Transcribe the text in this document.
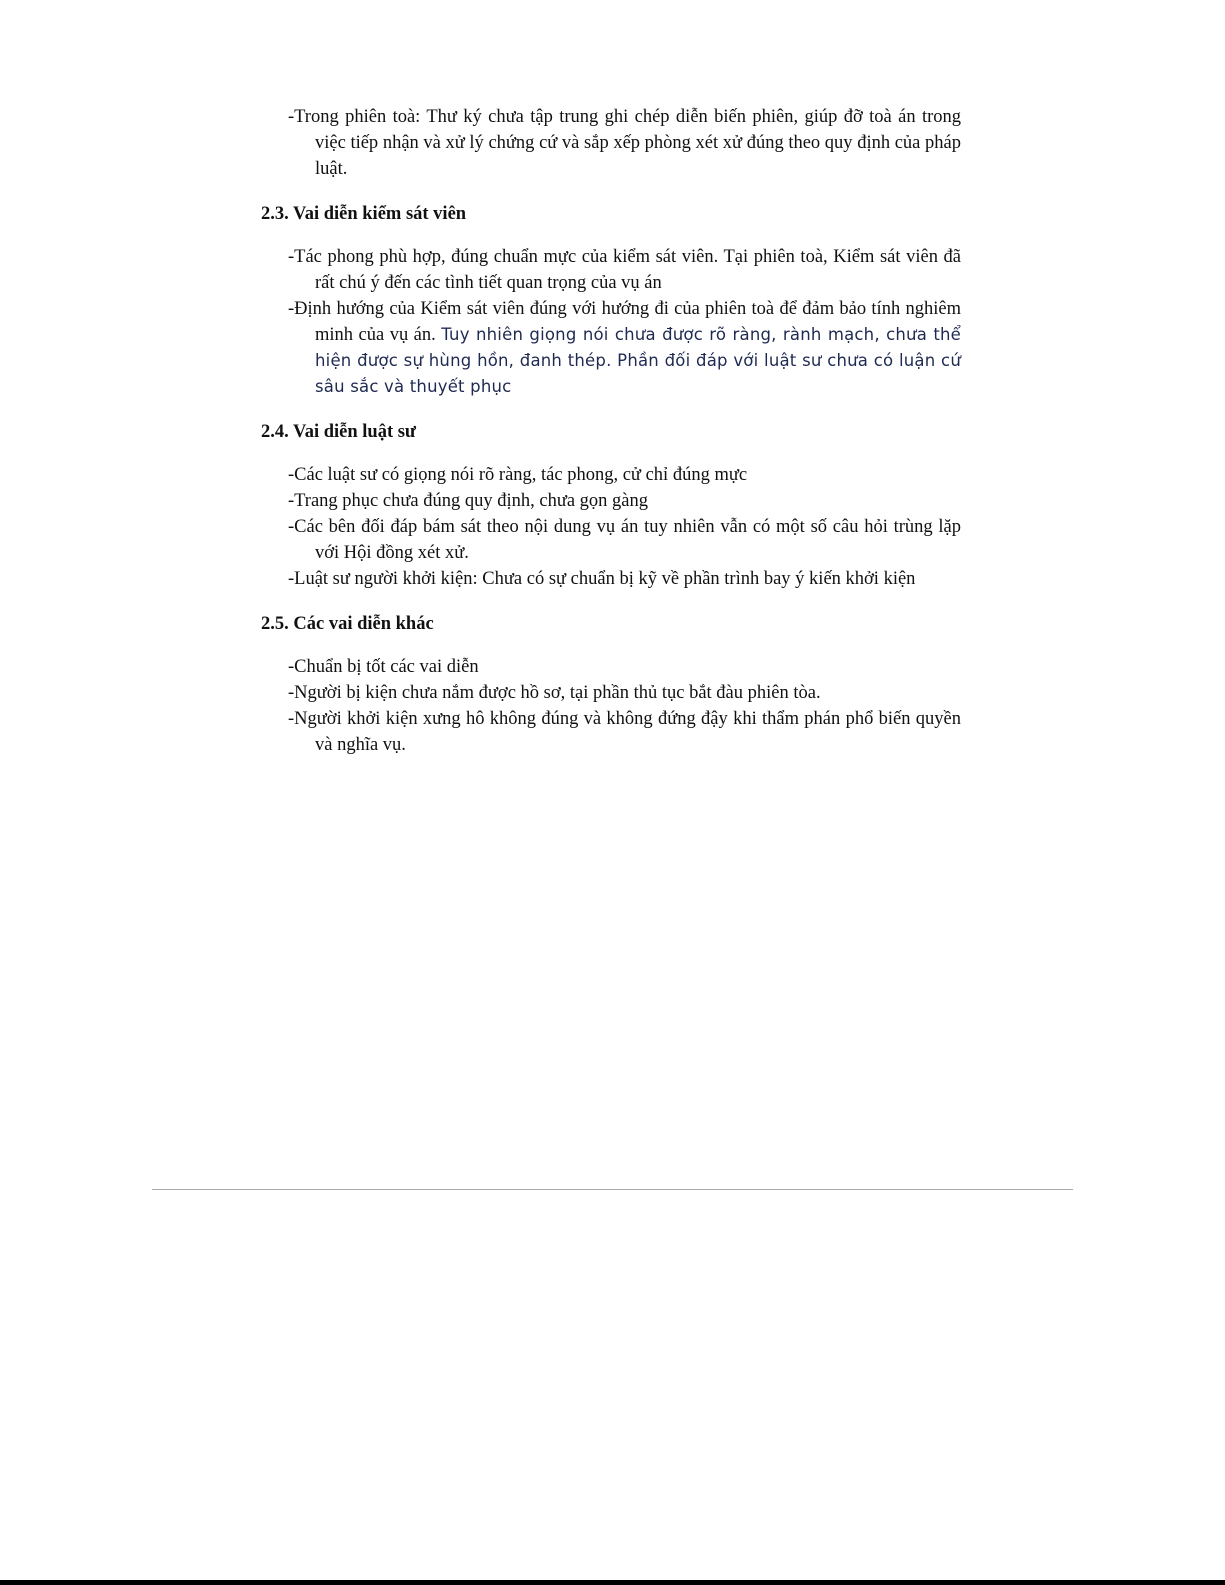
-Trong phiên toà: Thư ký chưa tập trung ghi chép diễn biến phiên, giúp đỡ toà án trong việc tiếp nhận và xử lý chứng cứ và sắp xếp phòng xét xử đúng theo quy định của pháp luật.

2.3. Vai diễn kiểm sát viên

-Tác phong phù hợp, đúng chuẩn mực của kiểm sát viên. Tại phiên toà, Kiểm sát viên đã rất chú ý đến các tình tiết quan trọng của vụ án

-Định hướng của Kiểm sát viên đúng với hướng đi của phiên toà để đảm bảo tính nghiêm minh của vụ án. Tuy nhiên giọng nói chưa được rõ ràng, rành mạch, chưa thể hiện được sự hùng hồn, đanh thép. Phần đối đáp với luật sư chưa có luận cứ sâu sắc và thuyết phục

2.4. Vai diễn luật sư

-Các luật sư có giọng nói rõ ràng, tác phong, cử chỉ đúng mực

-Trang phục chưa đúng quy định, chưa gọn gàng

-Các bên đối đáp bám sát theo nội dung vụ án tuy nhiên vẫn có một số câu hỏi trùng lặp với Hội đồng xét xử.

-Luật sư người khởi kiện: Chưa có sự chuẩn bị kỹ về phần trình bay ý kiến khởi kiện

2.5. Các vai diễn khác

-Chuẩn bị tốt các vai diễn

-Người bị kiện chưa nắm được hồ sơ, tại phần thủ tục bắt đàu phiên tòa.

-Người khởi kiện xưng hô không đúng và không đứng đậy khi thẩm phán phổ biến quyền và nghĩa vụ.
